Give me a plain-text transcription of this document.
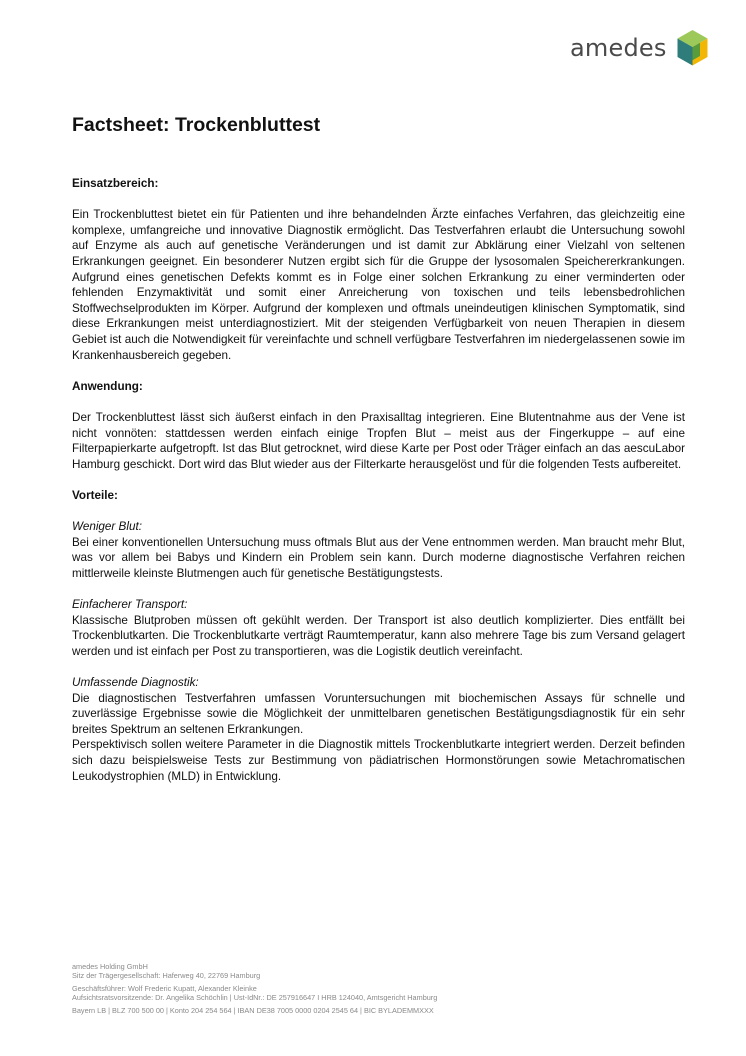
amedes
Factsheet: Trockenbluttest

Einsatzbereich:

Ein Trockenbluttest bietet ein für Patienten und ihre behandelnden Ärzte einfaches Verfahren, das gleichzeitig eine komplexe, umfangreiche und innovative Diagnostik ermöglicht. Das Testverfahren erlaubt die Untersuchung sowohl auf Enzyme als auch auf genetische Veränderungen und ist damit zur Abklärung einer Vielzahl von seltenen Erkrankungen geeignet. Ein besonderer Nutzen ergibt sich für die Gruppe der lysosomalen Speichererkrankungen. Aufgrund eines genetischen Defekts kommt es in Folge einer solchen Erkrankung zu einer verminderten oder fehlenden Enzymaktivität und somit einer Anreicherung von toxischen und teils lebensbedrohlichen Stoffwechselprodukten im Körper. Aufgrund der komplexen und oftmals uneindeutigen klinischen Symptomatik, sind diese Erkrankungen meist unterdiagnostiziert. Mit der steigenden Verfügbarkeit von neuen Therapien in diesem Gebiet ist auch die Notwendigkeit für vereinfachte und schnell verfügbare Testverfahren im niedergelassenen sowie im Krankenhausbereich gegeben.

Anwendung:

Der Trockenbluttest lässt sich äußerst einfach in den Praxisalltag integrieren. Eine Blutentnahme aus der Vene ist nicht vonnöten: stattdessen werden einfach einige Tropfen Blut – meist aus der Fingerkuppe – auf eine Filterpapierkarte aufgetropft. Ist das Blut getrocknet, wird diese Karte per Post oder Träger einfach an das aescuLabor Hamburg geschickt. Dort wird das Blut wieder aus der Filterkarte herausgelöst und für die folgenden Tests aufbereitet.

Vorteile:

Weniger Blut:

Bei einer konventionellen Untersuchung muss oftmals Blut aus der Vene entnommen werden. Man braucht mehr Blut, was vor allem bei Babys und Kindern ein Problem sein kann. Durch moderne diagnostische Verfahren reichen mittlerweile kleinste Blutmengen auch für genetische Bestätigungstests.

Einfacherer Transport:

Klassische Blutproben müssen oft gekühlt werden. Der Transport ist also deutlich komplizierter. Dies entfällt bei Trockenblutkarten. Die Trockenblutkarte verträgt Raumtemperatur, kann also mehrere Tage bis zum Versand gelagert werden und ist einfach per Post zu transportieren, was die Logistik deutlich vereinfacht.

Umfassende Diagnostik:

Die diagnostischen Testverfahren umfassen Voruntersuchungen mit biochemischen Assays für schnelle und zuverlässige Ergebnisse sowie die Möglichkeit der unmittelbaren genetischen Bestätigungsdiagnostik für ein sehr breites Spektrum an seltenen Erkrankungen.

Perspektivisch sollen weitere Parameter in die Diagnostik mittels Trockenblutkarte integriert werden. Derzeit befinden sich dazu beispielsweise Tests zur Bestimmung von pädiatrischen Hormonstörungen sowie Metachromatischen Leukodystrophien (MLD) in Entwicklung.

amedes Holding GmbH
Sitz der Trägergesellschaft: Haferweg 40, 22769 Hamburg
Geschäftsführer: Wolf Frederic Kupatt, Alexander Kleinke
Aufsichtsratsvorsitzende: Dr. Angelika Schöchlin | Ust-IdNr.: DE 257916647 I HRB 124040, Amtsgericht Hamburg
Bayern LB | BLZ 700 500 00 | Konto 204 254 564 | IBAN DE38 7005 0000 0204 2545 64 | BIC BYLADEMMXXX
